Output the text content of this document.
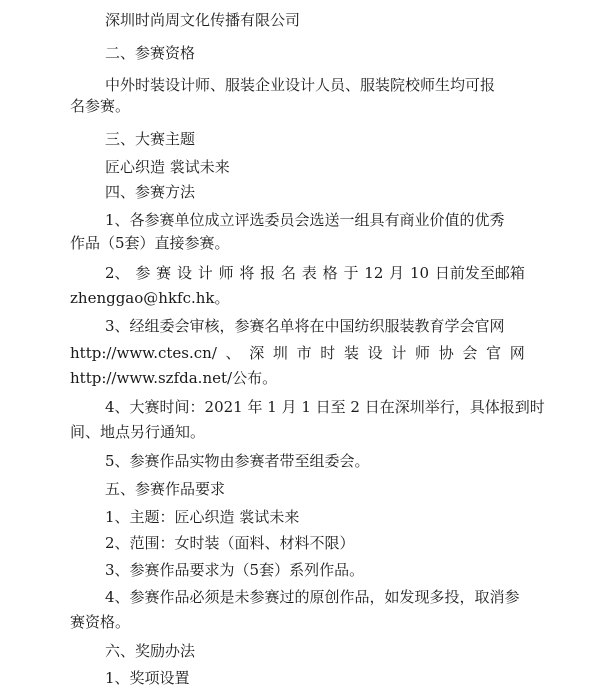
深圳时尚周文化传播有限公司
二、参赛资格
中外时装设计师、服装企业设计人员、服装院校师生均可报
名参赛。
三、大赛主题
匠心织造 裳试未来
四、参赛方法
1、各参赛单位成立评选委员会选送一组具有商业价值的优秀
作品（5套）直接参赛。
2、 参 赛 设 计 师 将 报 名 表 格 于 12 月 10 日前发至邮箱
zhenggao@hkfc.hk。
3、经组委会审核，参赛名单将在中国纺织服装教育学会官网
http://www.ctes.cn/ 、 深 圳 市 时 装 设 计 师 协 会 官 网
http://www.szfda.net/公布。
4、大赛时间：2021 年 1 月 1 日至 2 日在深圳举行，具体报到时
间、地点另行通知。
5、参赛作品实物由参赛者带至组委会。
五、参赛作品要求
1、主题：匠心织造 裳试未来
2、范围：女时装（面料、材料不限）
3、参赛作品要求为（5套）系列作品。
4、参赛作品必须是未参赛过的原创作品，如发现多投，取消参
赛资格。
六、奖励办法
1、奖项设置
